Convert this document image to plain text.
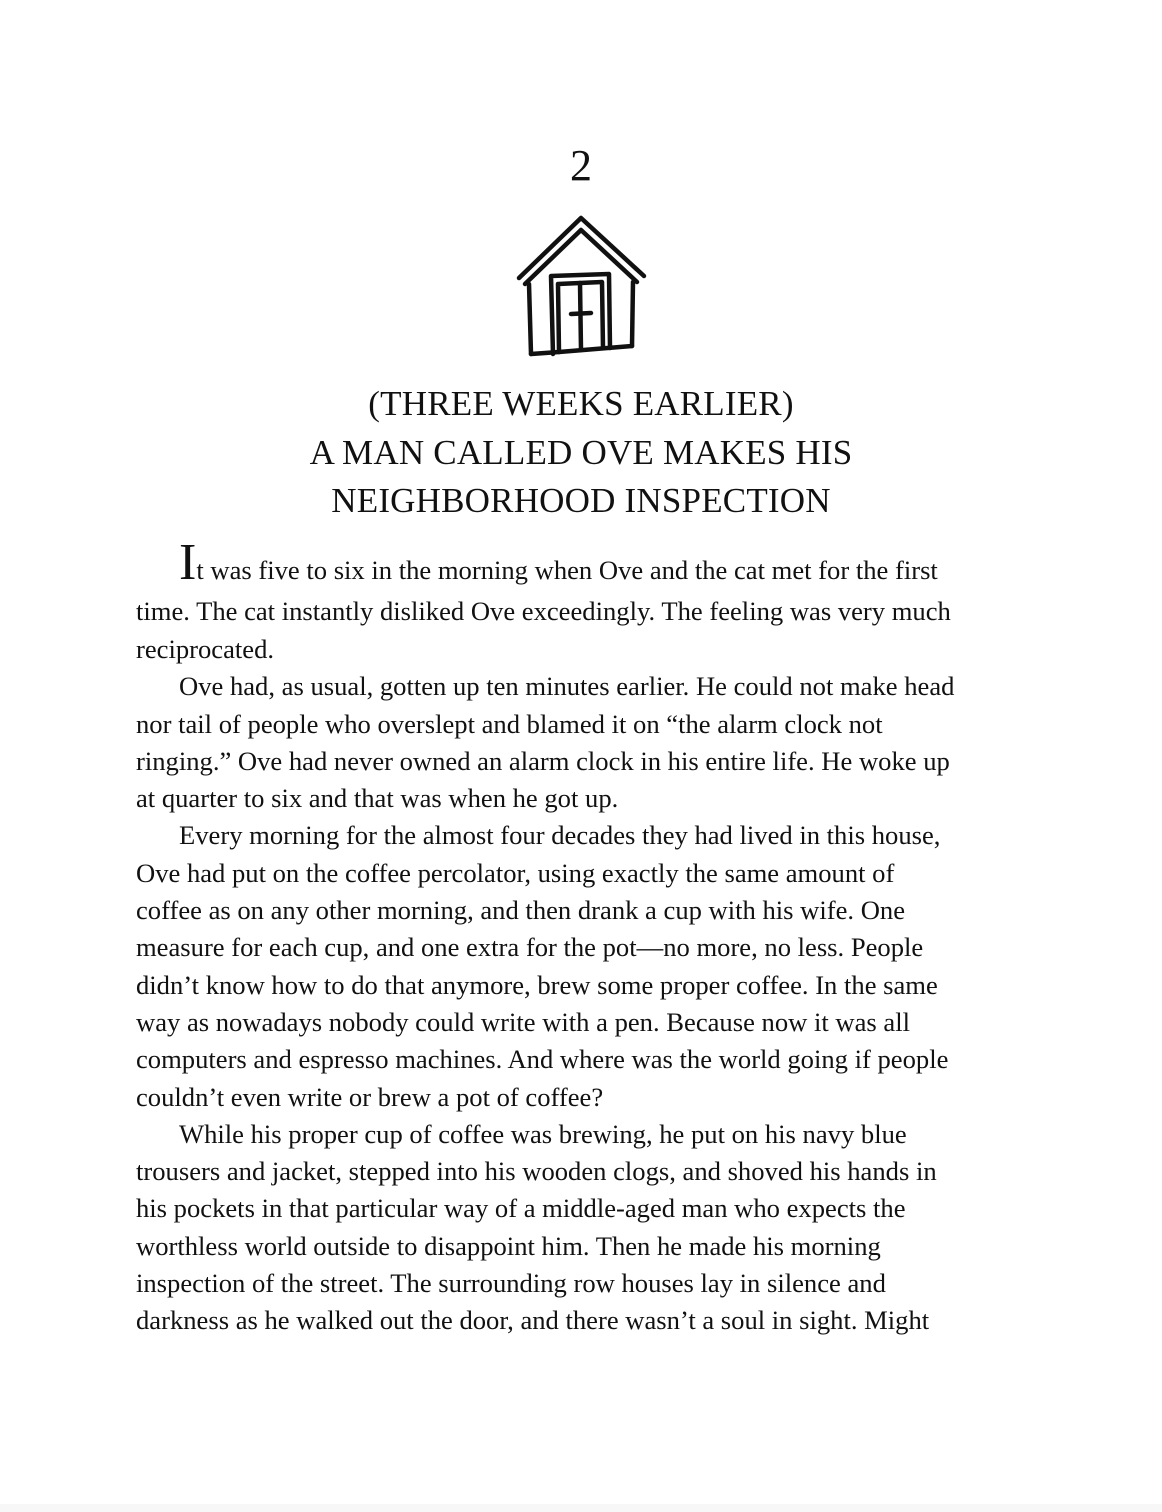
2
(THREE WEEKS EARLIER)
A MAN CALLED OVE MAKES HIS
NEIGHBORHOOD INSPECTION
It was five to six in the morning when Ove and the cat met for the first
time. The cat instantly disliked Ove exceedingly. The feeling was very much
reciprocated.
Ove had, as usual, gotten up ten minutes earlier. He could not make head
nor tail of people who overslept and blamed it on “the alarm clock not
ringing.” Ove had never owned an alarm clock in his entire life. He woke up
at quarter to six and that was when he got up.
Every morning for the almost four decades they had lived in this house,
Ove had put on the coffee percolator, using exactly the same amount of
coffee as on any other morning, and then drank a cup with his wife. One
measure for each cup, and one extra for the pot—no more, no less. People
didn’t know how to do that anymore, brew some proper coffee. In the same
way as nowadays nobody could write with a pen. Because now it was all
computers and espresso machines. And where was the world going if people
couldn’t even write or brew a pot of coffee?
While his proper cup of coffee was brewing, he put on his navy blue
trousers and jacket, stepped into his wooden clogs, and shoved his hands in
his pockets in that particular way of a middle-aged man who expects the
worthless world outside to disappoint him. Then he made his morning
inspection of the street. The surrounding row houses lay in silence and
darkness as he walked out the door, and there wasn’t a soul in sight. Might
